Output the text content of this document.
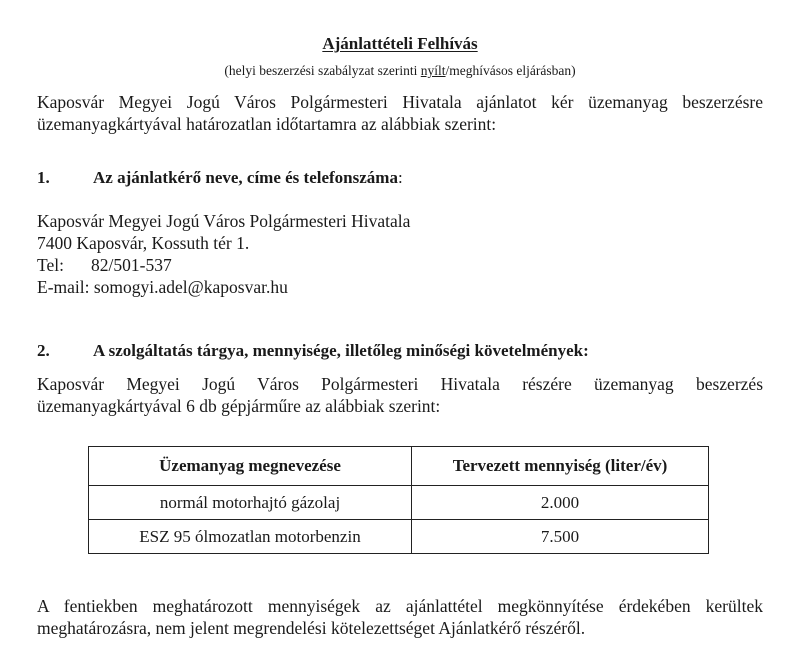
Ajánlattételi Felhívás
(helyi beszerzési szabályzat szerinti nyílt/meghívásos eljárásban)
Kaposvár Megyei Jogú Város Polgármesteri Hivatala ajánlatot kér üzemanyag beszerzésre üzemanyagkártyával határozatlan időtartamra az alábbiak szerint:
1.	Az ajánlatkérő neve, címe és telefonszáma:
Kaposvár Megyei Jogú Város Polgármesteri Hivatala
7400 Kaposvár, Kossuth tér 1.
Tel: 82/501-537
E-mail: somogyi.adel@kaposvar.hu
2.	A szolgáltatás tárgya, mennyisége, illetőleg minőségi követelmények:
Kaposvár Megyei Jogú Város Polgármesteri Hivatala részére üzemanyag beszerzés üzemanyagkártyával 6 db gépjárműre az alábbiak szerint:
Üzemanyag megnevezése	Tervezett mennyiség (liter/év)
normál motorhajtó gázolaj	2.000
ESZ 95 ólmozatlan motorbenzin	7.500
A fentiekben meghatározott mennyiségek az ajánlattétel megkönnyítése érdekében kerültek meghatározásra, nem jelent megrendelési kötelezettséget Ajánlatkérő részéről.
